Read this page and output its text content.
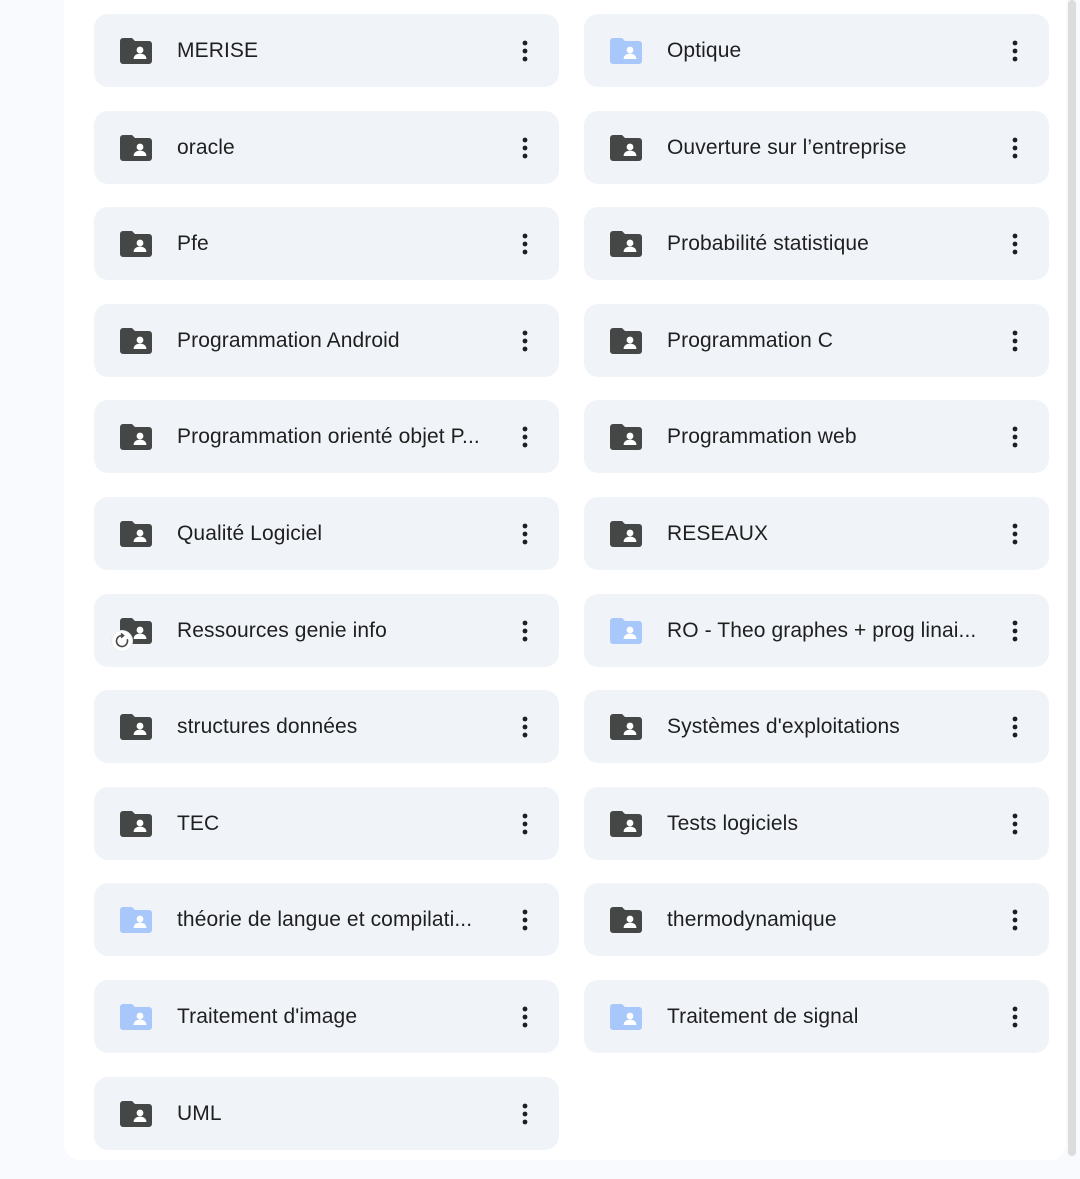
MERISE	Optique
oracle	Ouverture sur l’entreprise
Pfe	Probabilité statistique
Programmation Android	Programmation C
Programmation orienté objet P...	Programmation web
Qualité Logiciel	RESEAUX
Ressources genie info	RO - Theo graphes + prog linai...
structures données	Systèmes d'exploitations
TEC	Tests logiciels
théorie de langue et compilati...	thermodynamique
Traitement d'image	Traitement de signal
UML
